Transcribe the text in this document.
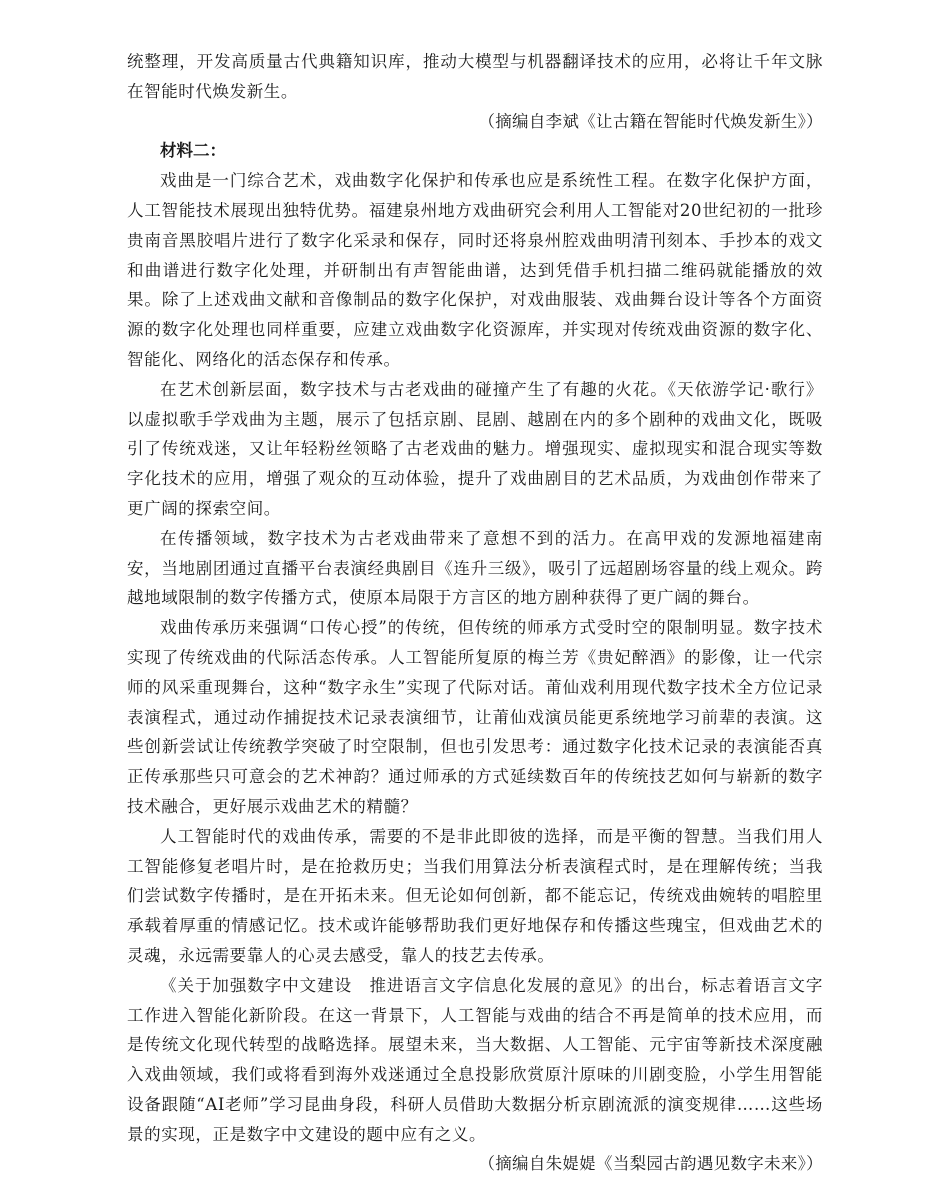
统整理，开发高质量古代典籍知识库，推动大模型与机器翻译技术的应用，必将让千年文脉在智能时代焕发新生。

（摘编自李斌《让古籍在智能时代焕发新生》）

材料二：

戏曲是一门综合艺术，戏曲数字化保护和传承也应是系统性工程。在数字化保护方面，人工智能技术展现出独特优势。福建泉州地方戏曲研究会利用人工智能对20世纪初的一批珍贵南音黑胶唱片进行了数字化采录和保存，同时还将泉州腔戏曲明清刊刻本、手抄本的戏文和曲谱进行数字化处理，并研制出有声智能曲谱，达到凭借手机扫描二维码就能播放的效果。除了上述戏曲文献和音像制品的数字化保护，对戏曲服装、戏曲舞台设计等各个方面资源的数字化处理也同样重要，应建立戏曲数字化资源库，并实现对传统戏曲资源的数字化、智能化、网络化的活态保存和传承。

在艺术创新层面，数字技术与古老戏曲的碰撞产生了有趣的火花。《天依游学记·歌行》以虚拟歌手学戏曲为主题，展示了包括京剧、昆剧、越剧在内的多个剧种的戏曲文化，既吸引了传统戏迷，又让年轻粉丝领略了古老戏曲的魅力。增强现实、虚拟现实和混合现实等数字化技术的应用，增强了观众的互动体验，提升了戏曲剧目的艺术品质，为戏曲创作带来了更广阔的探索空间。

在传播领域，数字技术为古老戏曲带来了意想不到的活力。在高甲戏的发源地福建南安，当地剧团通过直播平台表演经典剧目《连升三级》，吸引了远超剧场容量的线上观众。跨越地域限制的数字传播方式，使原本局限于方言区的地方剧种获得了更广阔的舞台。

戏曲传承历来强调“口传心授”的传统，但传统的师承方式受时空的限制明显。数字技术实现了传统戏曲的代际活态传承。人工智能所复原的梅兰芳《贵妃醉酒》的影像，让一代宗师的风采重现舞台，这种“数字永生”实现了代际对话。莆仙戏利用现代数字技术全方位记录表演程式，通过动作捕捉技术记录表演细节，让莆仙戏演员能更系统地学习前辈的表演。这些创新尝试让传统教学突破了时空限制，但也引发思考：通过数字化技术记录的表演能否真正传承那些只可意会的艺术神韵？通过师承的方式延续数百年的传统技艺如何与崭新的数字技术融合，更好展示戏曲艺术的精髓？

人工智能时代的戏曲传承，需要的不是非此即彼的选择，而是平衡的智慧。当我们用人工智能修复老唱片时，是在抢救历史；当我们用算法分析表演程式时，是在理解传统；当我们尝试数字传播时，是在开拓未来。但无论如何创新，都不能忘记，传统戏曲婉转的唱腔里承载着厚重的情感记忆。技术或许能够帮助我们更好地保存和传播这些瑰宝，但戏曲艺术的灵魂，永远需要靠人的心灵去感受，靠人的技艺去传承。

《关于加强数字中文建设　推进语言文字信息化发展的意见》的出台，标志着语言文字工作进入智能化新阶段。在这一背景下，人工智能与戏曲的结合不再是简单的技术应用，而是传统文化现代转型的战略选择。展望未来，当大数据、人工智能、元宇宙等新技术深度融入戏曲领域，我们或将看到海外戏迷通过全息投影欣赏原汁原味的川剧变脸，小学生用智能设备跟随“AI老师”学习昆曲身段，科研人员借助大数据分析京剧流派的演变规律……这些场景的实现，正是数字中文建设的题中应有之义。

（摘编自朱媞媞《当梨园古韵遇见数字未来》）
